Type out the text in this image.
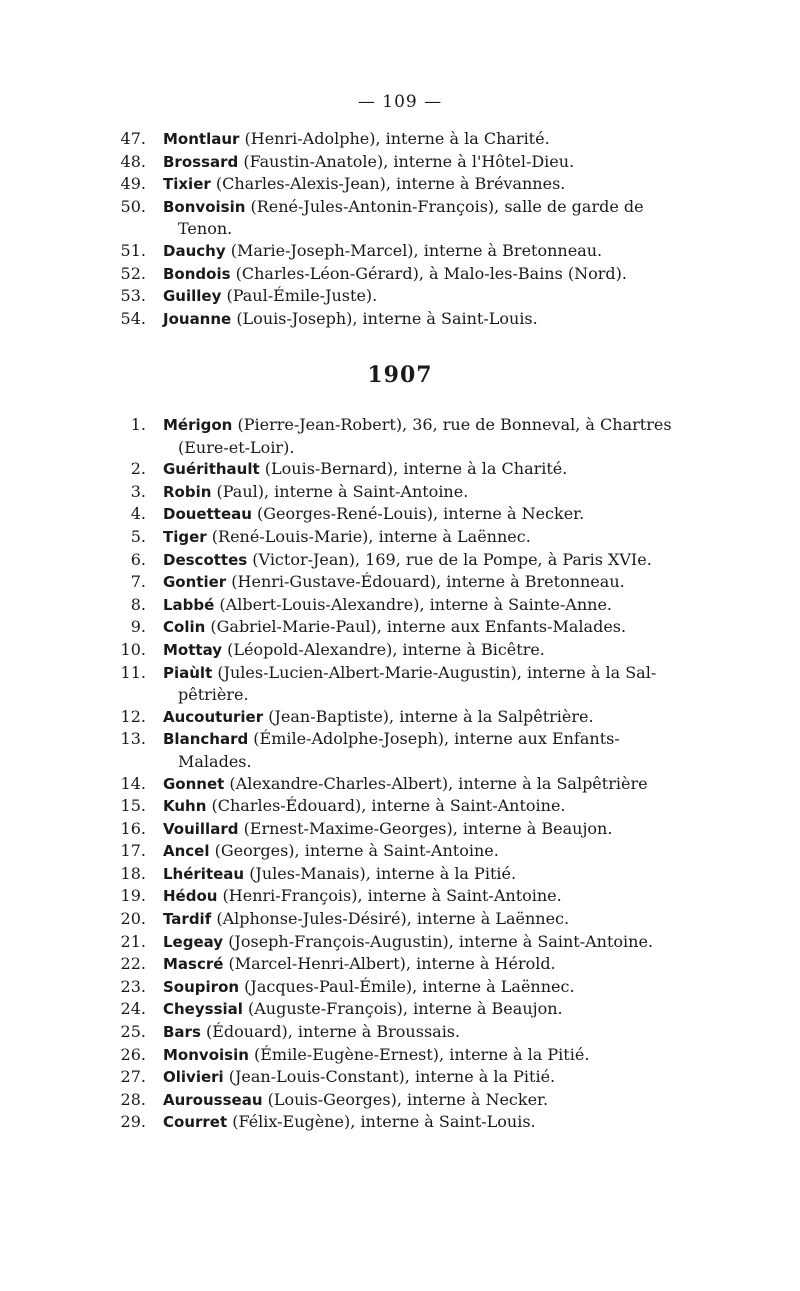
— 109 —
47. Montlaur (Henri-Adolphe), interne à la Charité.
48. Brossard (Faustin-Anatole), interne à l'Hôtel-Dieu.
49. Tixier (Charles-Alexis-Jean), interne à Brévannes.
50. Bonvoisin (René-Jules-Antonin-François), salle de garde de
Tenon.
51. Dauchy (Marie-Joseph-Marcel), interne à Bretonneau.
52. Bondois (Charles-Léon-Gérard), à Malo-les-Bains (Nord).
53. Guilley (Paul-Émile-Juste).
54. Jouanne (Louis-Joseph), interne à Saint-Louis.
1907
1. Mérigon (Pierre-Jean-Robert), 36, rue de Bonneval, à Chartres
(Eure-et-Loir).
2. Guérithault (Louis-Bernard), interne à la Charité.
3. Robin (Paul), interne à Saint-Antoine.
4. Douetteau (Georges-René-Louis), interne à Necker.
5. Tiger (René-Louis-Marie), interne à Laënnec.
6. Descottes (Victor-Jean), 169, rue de la Pompe, à Paris XVIe.
7. Gontier (Henri-Gustave-Édouard), interne à Bretonneau.
8. Labbé (Albert-Louis-Alexandre), interne à Sainte-Anne.
9. Colin (Gabriel-Marie-Paul), interne aux Enfants-Malades.
10. Mottay (Léopold-Alexandre), interne à Bicêtre.
11. Piaùlt (Jules-Lucien-Albert-Marie-Augustin), interne à la Sal-
pêtrière.
12. Aucouturier (Jean-Baptiste), interne à la Salpêtrière.
13. Blanchard (Émile-Adolphe-Joseph), interne aux Enfants-
Malades.
14. Gonnet (Alexandre-Charles-Albert), interne à la Salpêtrière
15. Kuhn (Charles-Édouard), interne à Saint-Antoine.
16. Vouillard (Ernest-Maxime-Georges), interne à Beaujon.
17. Ancel (Georges), interne à Saint-Antoine.
18. Lhériteau (Jules-Manais), interne à la Pitié.
19. Hédou (Henri-François), interne à Saint-Antoine.
20. Tardif (Alphonse-Jules-Désiré), interne à Laënnec.
21. Legeay (Joseph-François-Augustin), interne à Saint-Antoine.
22. Mascré (Marcel-Henri-Albert), interne à Hérold.
23. Soupiron (Jacques-Paul-Émile), interne à Laënnec.
24. Cheyssial (Auguste-François), interne à Beaujon.
25. Bars (Édouard), interne à Broussais.
26. Monvoisin (Émile-Eugène-Ernest), interne à la Pitié.
27. Olivieri (Jean-Louis-Constant), interne à la Pitié.
28. Aurousseau (Louis-Georges), interne à Necker.
29. Courret (Félix-Eugène), interne à Saint-Louis.
